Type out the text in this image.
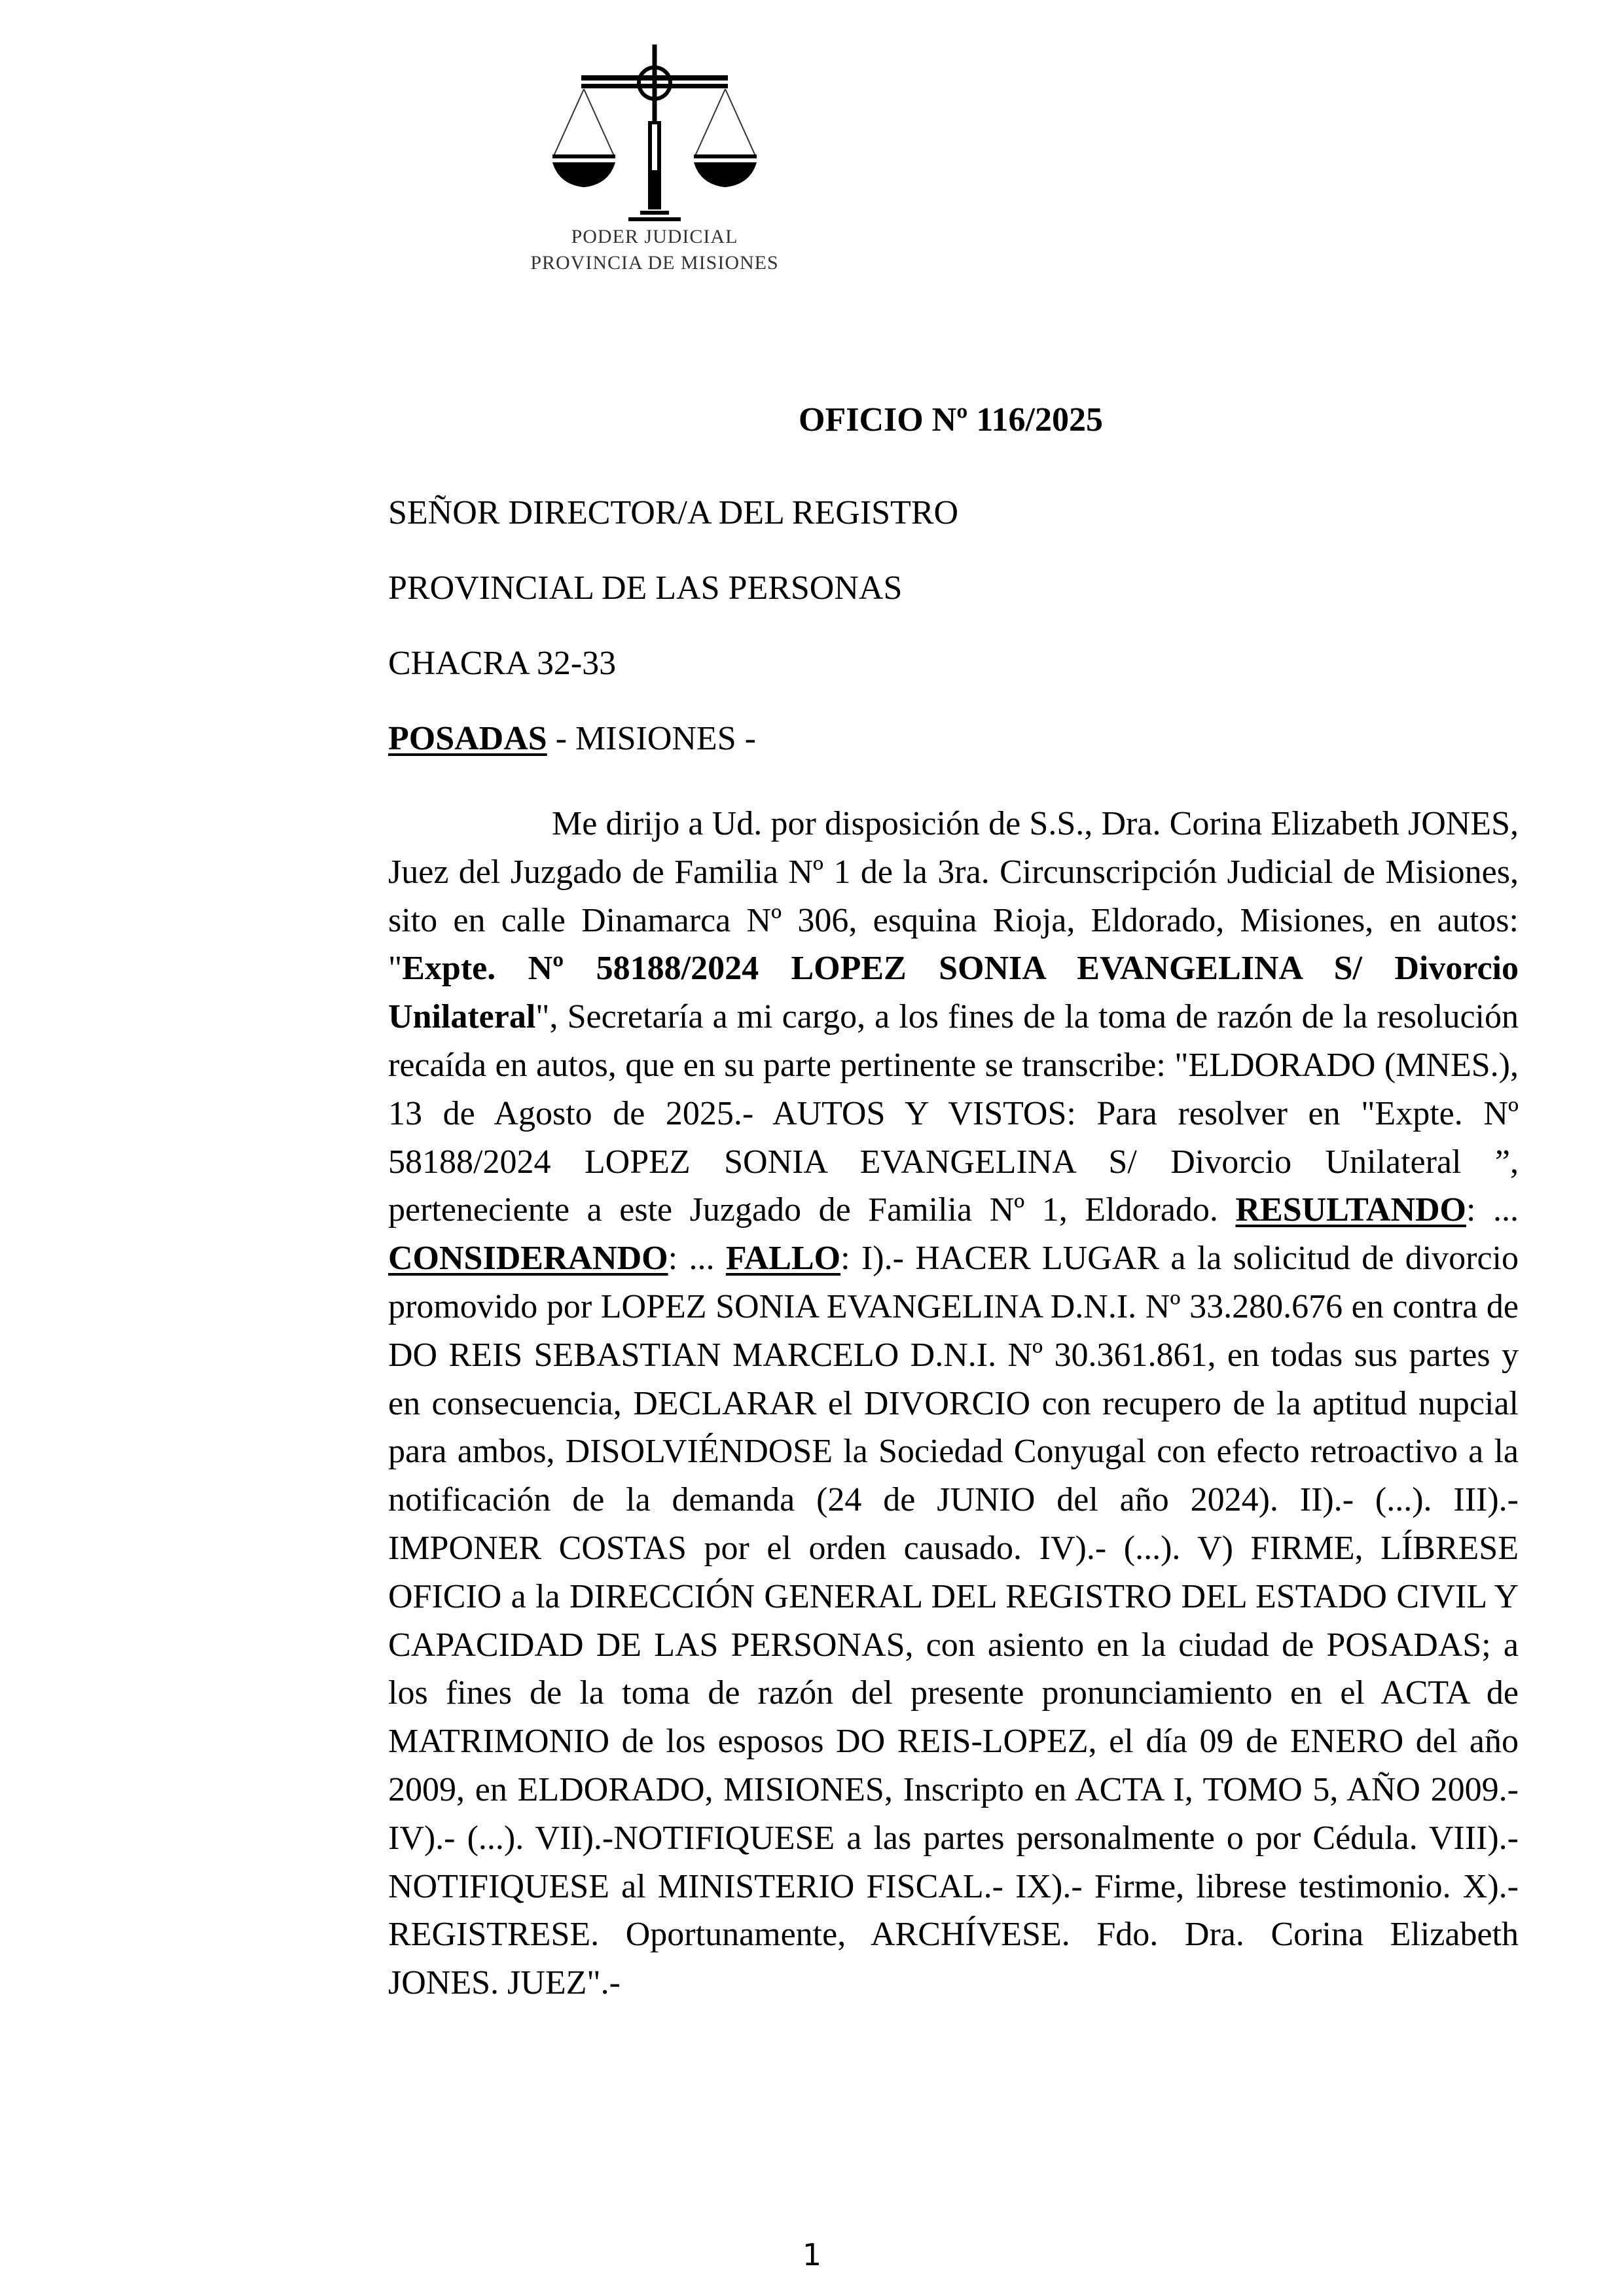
PODER JUDICIAL
PROVINCIA DE MISIONES
OFICIO Nº 116/2025
SEÑOR DIRECTOR/A DEL REGISTRO
PROVINCIAL DE LAS PERSONAS
CHACRA 32-33
POSADAS - MISIONES -

Me dirijo a Ud. por disposición de S.S., Dra. Corina Elizabeth JONES, Juez del Juzgado de Familia Nº 1 de la 3ra. Circunscripción Judicial de Misiones, sito en calle Dinamarca Nº 306, esquina Rioja, Eldorado, Misiones, en autos: "Expte. Nº 58188/2024 LOPEZ SONIA EVANGELINA S/ Divorcio Unilateral", Secretaría a mi cargo, a los fines de la toma de razón de la resolución recaída en autos, que en su parte pertinente se transcribe: "ELDORADO (MNES.), 13 de Agosto de 2025.- AUTOS Y VISTOS: Para resolver en "Expte. Nº 58188/2024 LOPEZ SONIA EVANGELINA S/ Divorcio Unilateral ”, perteneciente a este Juzgado de Familia Nº 1, Eldorado. RESULTANDO: ... CONSIDERANDO: ... FALLO: I).- HACER LUGAR a la solicitud de divorcio promovido por LOPEZ SONIA EVANGELINA D.N.I. Nº 33.280.676 en contra de DO REIS SEBASTIAN MARCELO D.N.I. Nº 30.361.861, en todas sus partes y en consecuencia, DECLARAR el DIVORCIO con recupero de la aptitud nupcial para ambos, DISOLVIÉNDOSE la Sociedad Conyugal con efecto retroactivo a la notificación de la demanda (24 de JUNIO del año 2024). II).- (...). III).- IMPONER COSTAS por el orden causado. IV).- (...). V) FIRME, LÍBRESE OFICIO a la DIRECCIÓN GENERAL DEL REGISTRO DEL ESTADO CIVIL Y CAPACIDAD DE LAS PERSONAS, con asiento en la ciudad de POSADAS; a los fines de la toma de razón del presente pronunciamiento en el ACTA de MATRIMONIO de los esposos DO REIS-LOPEZ, el día 09 de ENERO del año 2009, en ELDORADO, MISIONES, Inscripto en ACTA I, TOMO 5, AÑO 2009.- IV).- (...). VII).-NOTIFIQUESE a las partes personalmente o por Cédula. VIII).- NOTIFIQUESE al MINISTERIO FISCAL.- IX).- Firme, librese testimonio. X).- REGISTRESE. Oportunamente, ARCHÍVESE. Fdo. Dra. Corina Elizabeth JONES. JUEZ".-

1
